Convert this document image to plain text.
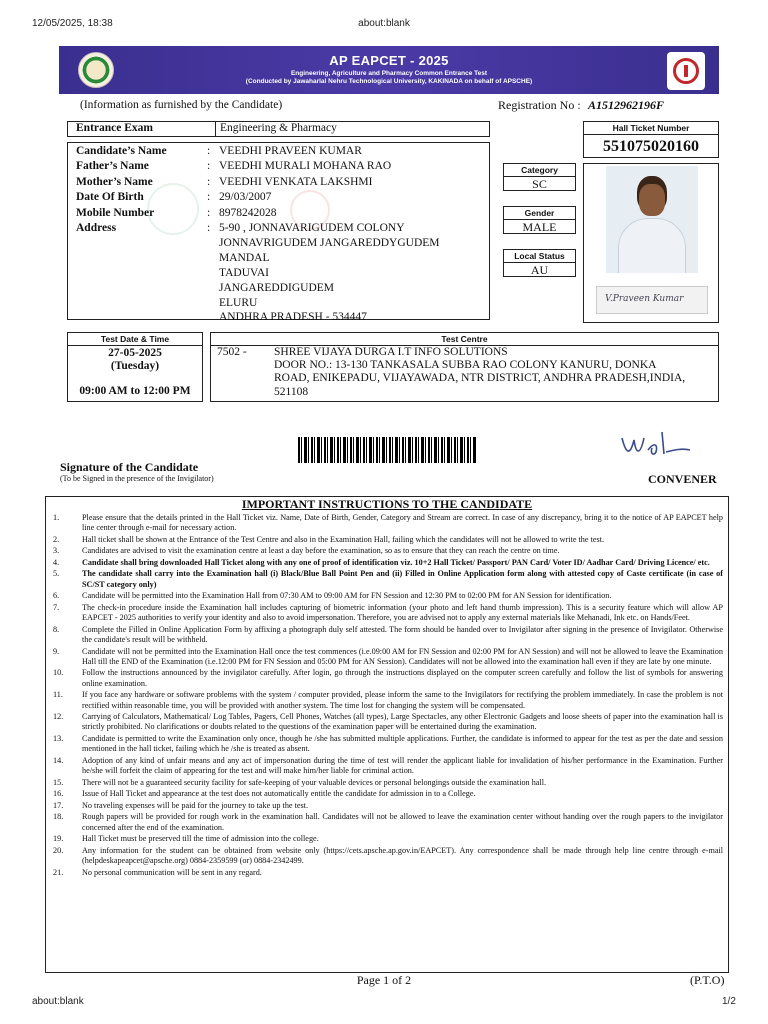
12/05/2025, 18:38	about:blank
AP EAPCET - 2025
Engineering, Agriculture and Pharmacy Common Entrance Test
(Conducted by Jawaharlal Nehru Technological University, KAKINADA on behalf of APSCHE)
(Information as furnished by the Candidate)	Registration No : A1512962196F
Entrance Exam	Engineering & Pharmacy	Hall Ticket Number
551075020160
Candidate’s Name	: VEEDHI PRAVEEN KUMAR
Father’s Name	: VEEDHI MURALI MOHANA RAO
Mother’s Name	: VEEDHI VENKATA LAKSHMI
Date Of Birth	: 29/03/2007
Mobile Number	: 8978242028
Address	: 5-90 , JONNAVARIGUDEM COLONY
JONNAVRIGUDEM JANGAREDDYGUDEM
MANDAL
TADUVAI
JANGAREDDIGUDEM
ELURU
ANDHRA PRADESH - 534447
Category
SC
Gender
MALE
Local Status
AU
V.Praveen Kumar
Test Date & Time
27-05-2025
(Tuesday)
09:00 AM to 12:00 PM
Test Centre
7502 - SHREE VIJAYA DURGA I.T INFO SOLUTIONS
DOOR NO.: 13-130 TANKASALA SUBBA RAO COLONY KANURU, DONKA
ROAD, ENIKEPADU, VIJAYAWADA, NTR DISTRICT, ANDHRA PRADESH,INDIA,
521108
Signature of the Candidate
(To be Signed in the presence of the Invigilator)	CONVENER
IMPORTANT INSTRUCTIONS TO THE CANDIDATE
1.	Please ensure that the details printed in the Hall Ticket viz. Name, Date of Birth, Gender, Category and Stream are correct. In case of any discrepancy, bring it to the notice of AP EAPCET help line center through e-mail for necessary action.
2.	Hall ticket shall be shown at the Entrance of the Test Centre and also in the Examination Hall, failing which the candidates will not be allowed to write the test.
3.	Candidates are advised to visit the examination centre at least a day before the examination, so as to ensure that they can reach the centre on time.
4.	Candidate shall bring downloaded Hall Ticket along with any one of proof of identification viz. 10+2 Hall Ticket/ Passport/ PAN Card/ Voter ID/ Aadhar Card/ Driving Licence/ etc.
5.	The candidate shall carry into the Examination hall (i) Black/Blue Ball Point Pen and (ii) Filled in Online Application form along with attested copy of Caste certificate (in case of SC/ST category only)
6.	Candidate will be permitted into the Examination Hall from 07:30 AM to 09:00 AM for FN Session and 12:30 PM to 02:00 PM for AN Session for identification.
7.	The check-in procedure inside the Examination hall includes capturing of biometric information (your photo and left hand thumb impression). This is a security feature which will allow AP EAPCET - 2025 authorities to verify your identity and also to avoid impersonation. Therefore, you are advised not to apply any external materials like Mehanadi, Ink etc. on Hands/Feet.
8.	Complete the Filled in Online Application Form by affixing a photograph duly self attested. The form should be handed over to Invigilator after signing in the presence of Invigilator. Otherwise the candidate's result will be withheld.
9.	Candidate will not be permitted into the Examination Hall once the test commences (i.e.09:00 AM for FN Session and 02:00 PM for AN Session) and will not be allowed to leave the Examination Hall till the END of the Examination (i.e.12:00 PM for FN Session and 05:00 PM for AN Session). Candidates will not be allowed into the examination hall even if they are late by one minute.
10.	Follow the instructions announced by the invigilator carefully. After login, go through the instructions displayed on the computer screen carefully and follow the list of symbols for answering online examination.
11.	If you face any hardware or software problems with the system / computer provided, please inform the same to the Invigilators for rectifying the problem immediately. In case the problem is not rectified within reasonable time, you will be provided with another system. The time lost for changing the system will be compensated.
12.	Carrying of Calculators, Mathematical/ Log Tables, Pagers, Cell Phones, Watches (all types), Large Spectacles, any other Electronic Gadgets and loose sheets of paper into the examination hall is strictly prohibited. No clarifications or doubts related to the questions of the examination paper will be entertained during the examination.
13.	Candidate is permitted to write the Examination only once, though he /she has submitted multiple applications. Further, the candidate is informed to appear for the test as per the date and session mentioned in the hall ticket, failing which he /she is treated as absent.
14.	Adoption of any kind of unfair means and any act of impersonation during the time of test will render the applicant liable for invalidation of his/her performance in the Examination. Further he/she will forfeit the claim of appearing for the test and will make him/her liable for criminal action.
15.	There will not be a guaranteed security facility for safe-keeping of your valuable devices or personal belongings outside the examination hall.
16.	Issue of Hall Ticket and appearance at the test does not automatically entitle the candidate for admission in to a College.
17.	No traveling expenses will be paid for the journey to take up the test.
18.	Rough papers will be provided for rough work in the examination hall. Candidates will not be allowed to leave the examination center without handing over the rough papers to the invigilator concerned after the end of the examination.
19.	Hall Ticket must be preserved till the time of admission into the college.
20.	Any information for the student can be obtained from website only (https://cets.apsche.ap.gov.in/EAPCET). Any correspondence shall be made through help line centre through e-mail (helpdeskapeapcet@apsche.org) 0884-2359599 (or) 0884-2342499.
21.	No personal communication will be sent in any regard.
Page 1 of 2	(P.T.O)
about:blank	1/2
